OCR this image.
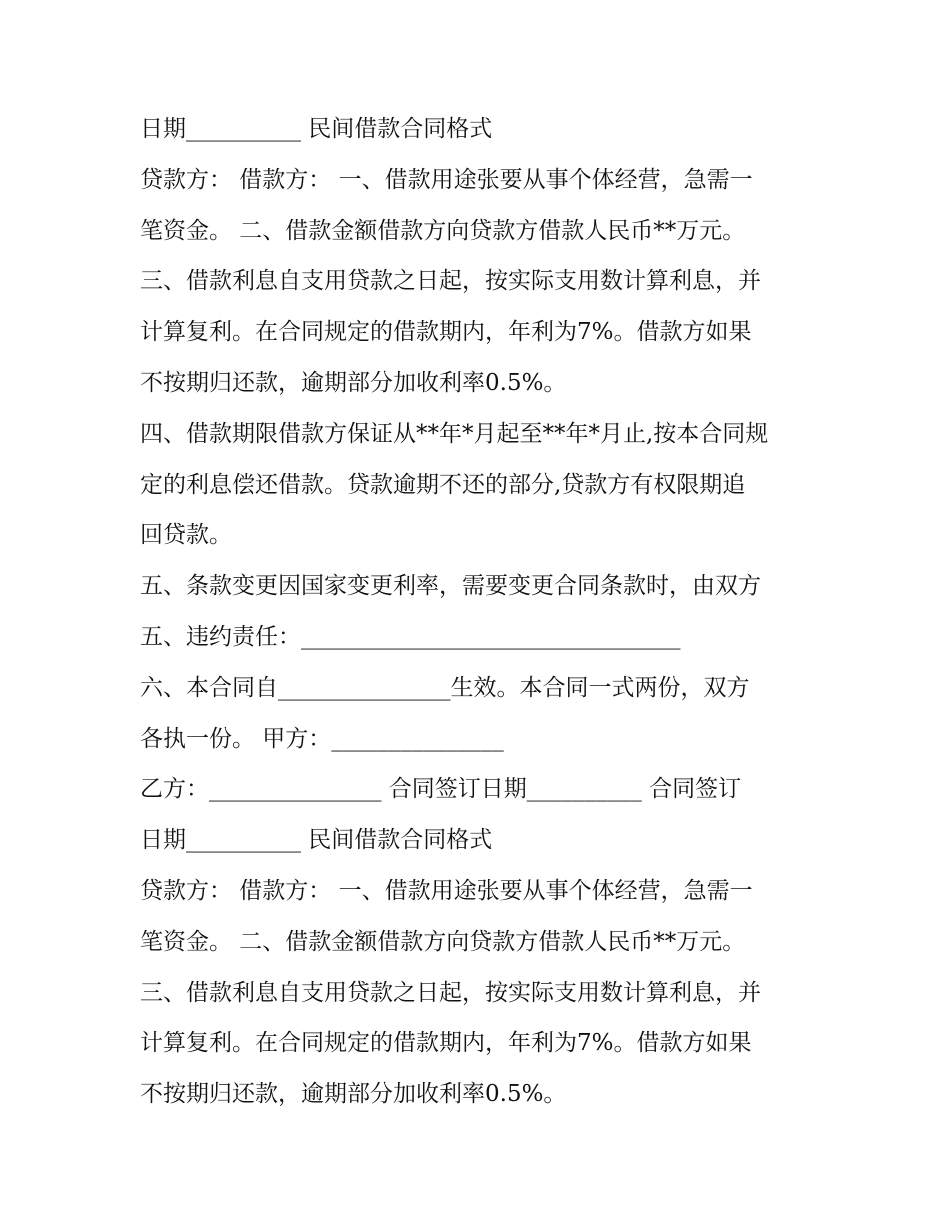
日期__________ 民间借款合同格式
贷款方： 借款方： 一、借款用途张要从事个体经营，急需一
笔资金。 二、借款金额借款方向贷款方借款人民币**万元。
三、借款利息自支用贷款之日起，按实际支用数计算利息，并
计算复利。在合同规定的借款期内，年利为7%。借款方如果
不按期归还款，逾期部分加收利率0.5%。
四、借款期限借款方保证从**年*月起至**年*月止,按本合同规
定的利息偿还借款。贷款逾期不还的部分,贷款方有权限期追
回贷款。
五、条款变更因国家变更利率，需要变更合同条款时，由双方
五、违约责任：_________________________________
六、本合同自_______________生效。本合同一式两份，双方
各执一份。 甲方：_______________
乙方：_______________ 合同签订日期__________ 合同签订
日期__________ 民间借款合同格式
贷款方： 借款方： 一、借款用途张要从事个体经营，急需一
笔资金。 二、借款金额借款方向贷款方借款人民币**万元。
三、借款利息自支用贷款之日起，按实际支用数计算利息，并
计算复利。在合同规定的借款期内，年利为7%。借款方如果
不按期归还款，逾期部分加收利率0.5%。
